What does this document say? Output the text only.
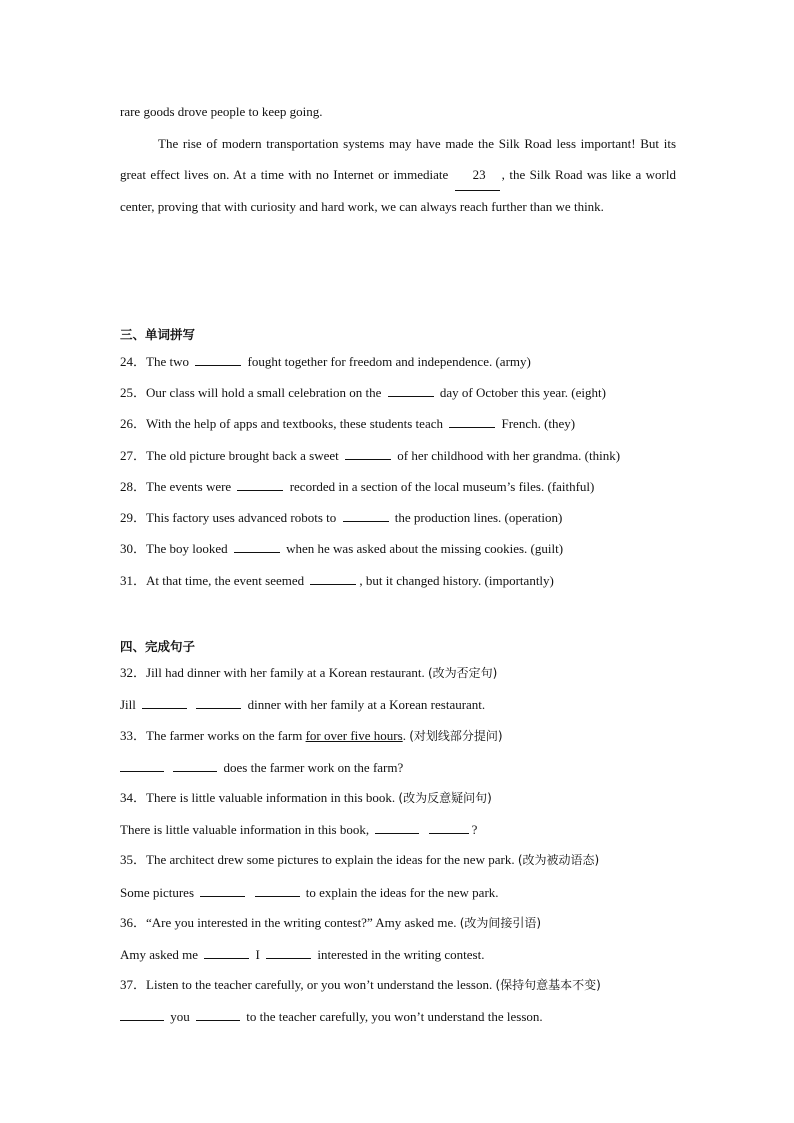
rare goods drove people to keep going.

The rise of modern transportation systems may have made the Silk Road less important! But its great effect lives on. At a time with no Internet or immediate 23 , the Silk Road was like a world center, proving that with curiosity and hard work, we can always reach further than we think.

三、单词拼写
24．The two	fought together for freedom and independence. (army)
25．Our class will hold a small celebration on the	day of October this year. (eight)
26．With the help of apps and textbooks, these students teach	French. (they)
27．The old picture brought back a sweet	of her childhood with her grandma. (think)
28．The events were	recorded in a section of the local museum’s files. (faithful)
29．This factory uses advanced robots to	the production lines. (operation)
30．The boy looked	when he was asked about the missing cookies. (guilt)
31．At that time, the event seemed	, but it changed history. (importantly)
四、完成句子
32．Jill had dinner with her family at a Korean restaurant. (改为否定句)
Jill	dinner with her family at a Korean restaurant.
33．The farmer works on the farm for over five hours. (对划线部分提问)
does the farmer work on the farm?
34．There is little valuable information in this book. (改为反意疑问句)
There is little valuable information in this book,	?
35．The architect drew some pictures to explain the ideas for the new park. (改为被动语态)
Some pictures	to explain the ideas for the new park.
36．“Are you interested in the writing contest?” Amy asked me. (改为间接引语)
Amy asked me	I	interested in the writing contest.
37．Listen to the teacher carefully, or you won’t understand the lesson. (保持句意基本不变)
you	to the teacher carefully, you won’t understand the lesson.
